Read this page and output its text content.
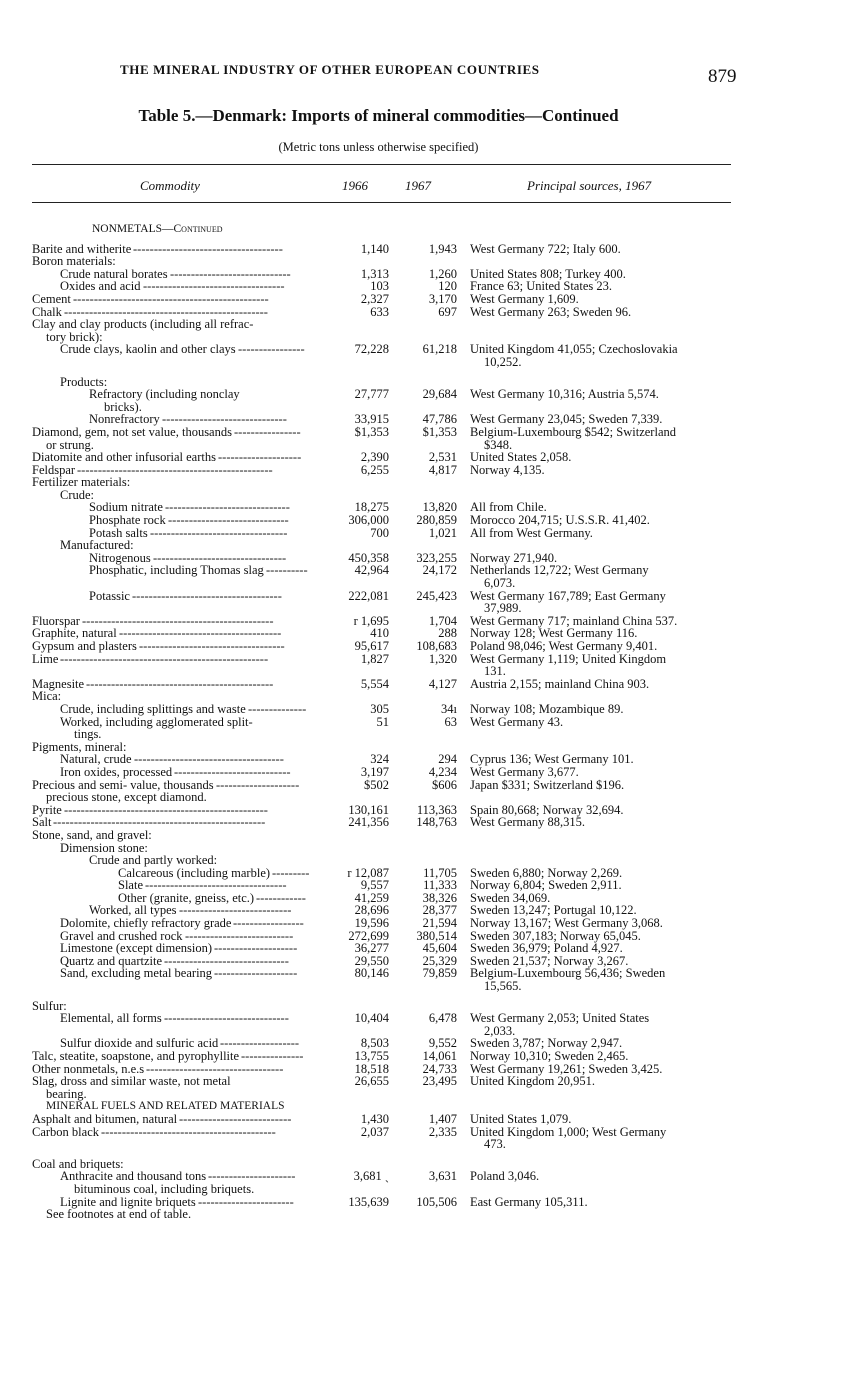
THE MINERAL INDUSTRY OF OTHER EUROPEAN COUNTRIES	879
Table 5.—Denmark: Imports of mineral commodities—Continued
(Metric tons unless otherwise specified)
Commodity	1966	1967	Principal sources, 1967
NONMETALS—Continued
Barite and witherite ------------------------------------	1,140	1,943 West Germany 722; Italy 600.
Boron materials:
Crude natural borates -----------------------------	1,313	1,260 United States 808; Turkey 400.
Oxides and acid ----------------------------------	103	120 France 63; United States 23.
Cement -----------------------------------------------	2,327	3,170 West Germany 1,609.
Chalk -------------------------------------------------	633	697 West Germany 263; Sweden 96.
Clay and clay products (including all refrac-
tory brick):
Crude clays, kaolin and other clays ----------------	72,228	61,218 United Kingdom 41,055; Czechoslovakia
10,252.
Products:
Refractory (including nonclay	27,777	29,684 West Germany 10,316; Austria 5,574.
bricks).
Nonrefractory ------------------------------	33,915	47,786 West Germany 23,045; Sweden 7,339.
Diamond, gem, not set value, thousands ----------------	$1,353	$1,353 Belgium-Luxembourg $542; Switzerland
or strung.	$348.
Diatomite and other infusorial earths --------------------	2,390	2,531 United States 2,058.
Feldspar -----------------------------------------------	6,255	4,817 Norway 4,135.
Fertilizer materials:
Crude:
Sodium nitrate ------------------------------	18,275	13,820 All from Chile.
Phosphate rock -----------------------------	306,000	280,859 Morocco 204,715; U.S.S.R. 41,402.
Potash salts ---------------------------------	700	1,021 All from West Germany.
Manufactured:
Nitrogenous --------------------------------	450,358	323,255 Norway 271,940.
Phosphatic, including Thomas slag ----------	42,964	24,172 Netherlands 12,722; West Germany
6,073.
Potassic ------------------------------------	222,081	245,423 West Germany 167,789; East Germany
37,989.
Fluorspar ----------------------------------------------	r 1,695	1,704 West Germany 717; mainland China 537.
Graphite, natural ---------------------------------------	410	288 Norway 128; West Germany 116.
Gypsum and plasters -----------------------------------	95,617	108,683 Poland 98,046; West Germany 9,401.
Lime --------------------------------------------------	1,827	1,320 West Germany 1,119; United Kingdom
131.
Magnesite ---------------------------------------------	5,554	4,127 Austria 2,155; mainland China 903.
Mica:
Crude, including splittings and waste --------------	305	34ı Norway 108; Mozambique 89.
Worked, including agglomerated split-	51	63 West Germany 43.
tings.
Pigments, mineral:
Natural, crude ------------------------------------	324	294 Cyprus 136; West Germany 101.
Iron oxides, processed ----------------------------	3,197	4,234 West Germany 3,677.
Precious and semi- value, thousands --------------------	$502	$606 Japan $331; Switzerland $196.
precious stone, except diamond.
Pyrite -------------------------------------------------	130,161	113,363 Spain 80,668; Norway 32,694.
Salt ---------------------------------------------------	241,356	148,763 West Germany 88,315.
Stone, sand, and gravel:
Dimension stone:
Crude and partly worked:
Calcareous (including marble) ---------	r 12,087	11,705 Sweden 6,880; Norway 2,269.
Slate ----------------------------------	9,557	11,333 Norway 6,804; Sweden 2,911.
Other (granite, gneiss, etc.) ------------	41,259	38,326 Sweden 34,069.
Worked, all types ---------------------------	28,696	28,377 Sweden 13,247; Portugal 10,122.
Dolomite, chiefly refractory grade -----------------	19,596	21,594 Norway 13,167; West Germany 3,068.
Gravel and crushed rock --------------------------	272,699	380,514 Sweden 307,183; Norway 65,045.
Limestone (except dimension) --------------------	36,277	45,604 Sweden 36,979; Poland 4,927.
Quartz and quartzite ------------------------------	29,550	25,329 Sweden 21,537; Norway 3,267.
Sand, excluding metal bearing --------------------	80,146	79,859 Belgium-Luxembourg 56,436; Sweden
15,565.
Sulfur:
Elemental, all forms ------------------------------	10,404	6,478 West Germany 2,053; United States
2,033.
Sulfur dioxide and sulfuric acid -------------------	8,503	9,552 Sweden 3,787; Norway 2,947.
Talc, steatite, soapstone, and pyrophyllite ---------------	13,755	14,061 Norway 10,310; Sweden 2,465.
Other nonmetals, n.e.s ---------------------------------	18,518	24,733 West Germany 19,261; Sweden 3,425.
Slag, dross and similar waste, not metal	26,655	23,495 United Kingdom 20,951.
bearing.
MINERAL FUELS AND RELATED MATERIALS
Asphalt and bitumen, natural ---------------------------	1,430	1,407 United States 1,079.
Carbon black ------------------------------------------	2,037	2,335 United Kingdom 1,000; West Germany
473.
Coal and briquets:
Anthracite and thousand tons ---------------------	3,681 ˎ	3,631 Poland 3,046.
bituminous coal, including briquets.
Lignite and lignite briquets -----------------------	135,639	105,506 East Germany 105,311.
See footnotes at end of table.
